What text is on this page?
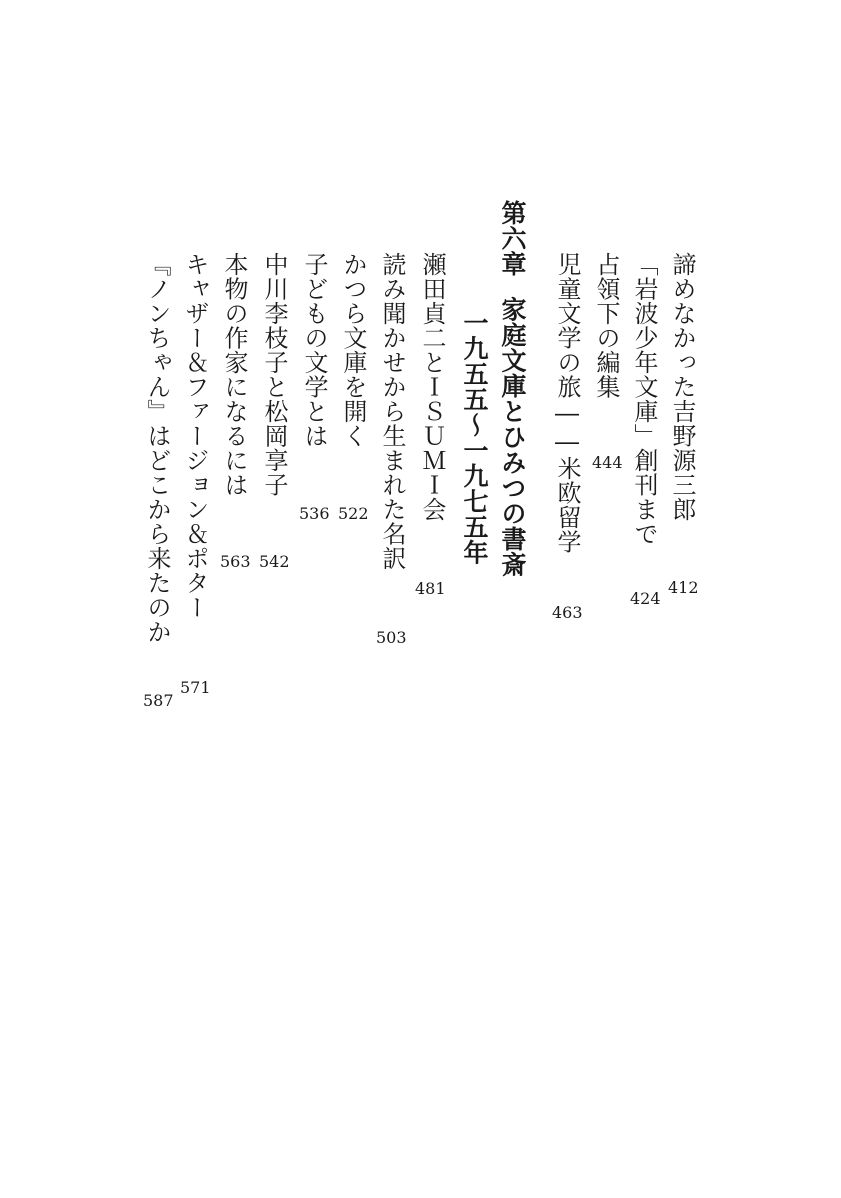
諦めなかった吉野源三郎
412
「岩波少年文庫」創刊まで
424
占領下の編集
444
児童文学の旅――米欧留学
463
第六章家庭文庫とひみつの書斎
一九五五～一九七五年
瀬田貞二とＩＳＵＭＩ会
481
読み聞かせから生まれた名訳
503
かつら文庫を開く
522
子どもの文学とは
536
中川李枝子と松岡享子
542
本物の作家になるには
563
キャザー＆ファージョン＆ポター
571
『ノンちゃん』はどこから来たのか
587
